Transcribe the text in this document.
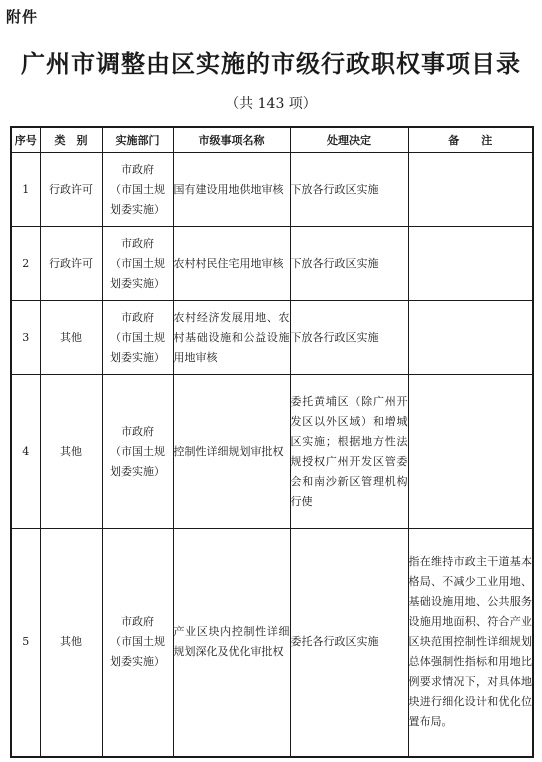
附件
广州市调整由区实施的市级行政职权事项目录
（共 143 项）
序号	类　别	实施部门	市级事项名称	处理决定	备　　注
1	行政许可	市政府
（市国土规
划委实施）	国有建设用地供地审核	下放各行政区实施	
2	行政许可	市政府
（市国土规
划委实施）	农村村民住宅用地审核	下放各行政区实施	
3	其他	市政府
（市国土规
划委实施）	农村经济发展用地、农村基础设施和公益设施用地审核	下放各行政区实施	
4	其他	市政府
（市国土规
划委实施）	控制性详细规划审批权	委托黄埔区（除广州开发区以外区域）和增城区实施；根据地方性法规授权广州开发区管委会和南沙新区管理机构行使	
5	其他	市政府
（市国土规
划委实施）	产业区块内控制性详细规划深化及优化审批权	委托各行政区实施	指在维持市政主干道基本格局、不减少工业用地、基础设施用地、公共服务设施用地面积、符合产业区块范围控制性详细规划总体强制性指标和用地比例要求情况下，对具体地块进行细化设计和优化位置布局。
